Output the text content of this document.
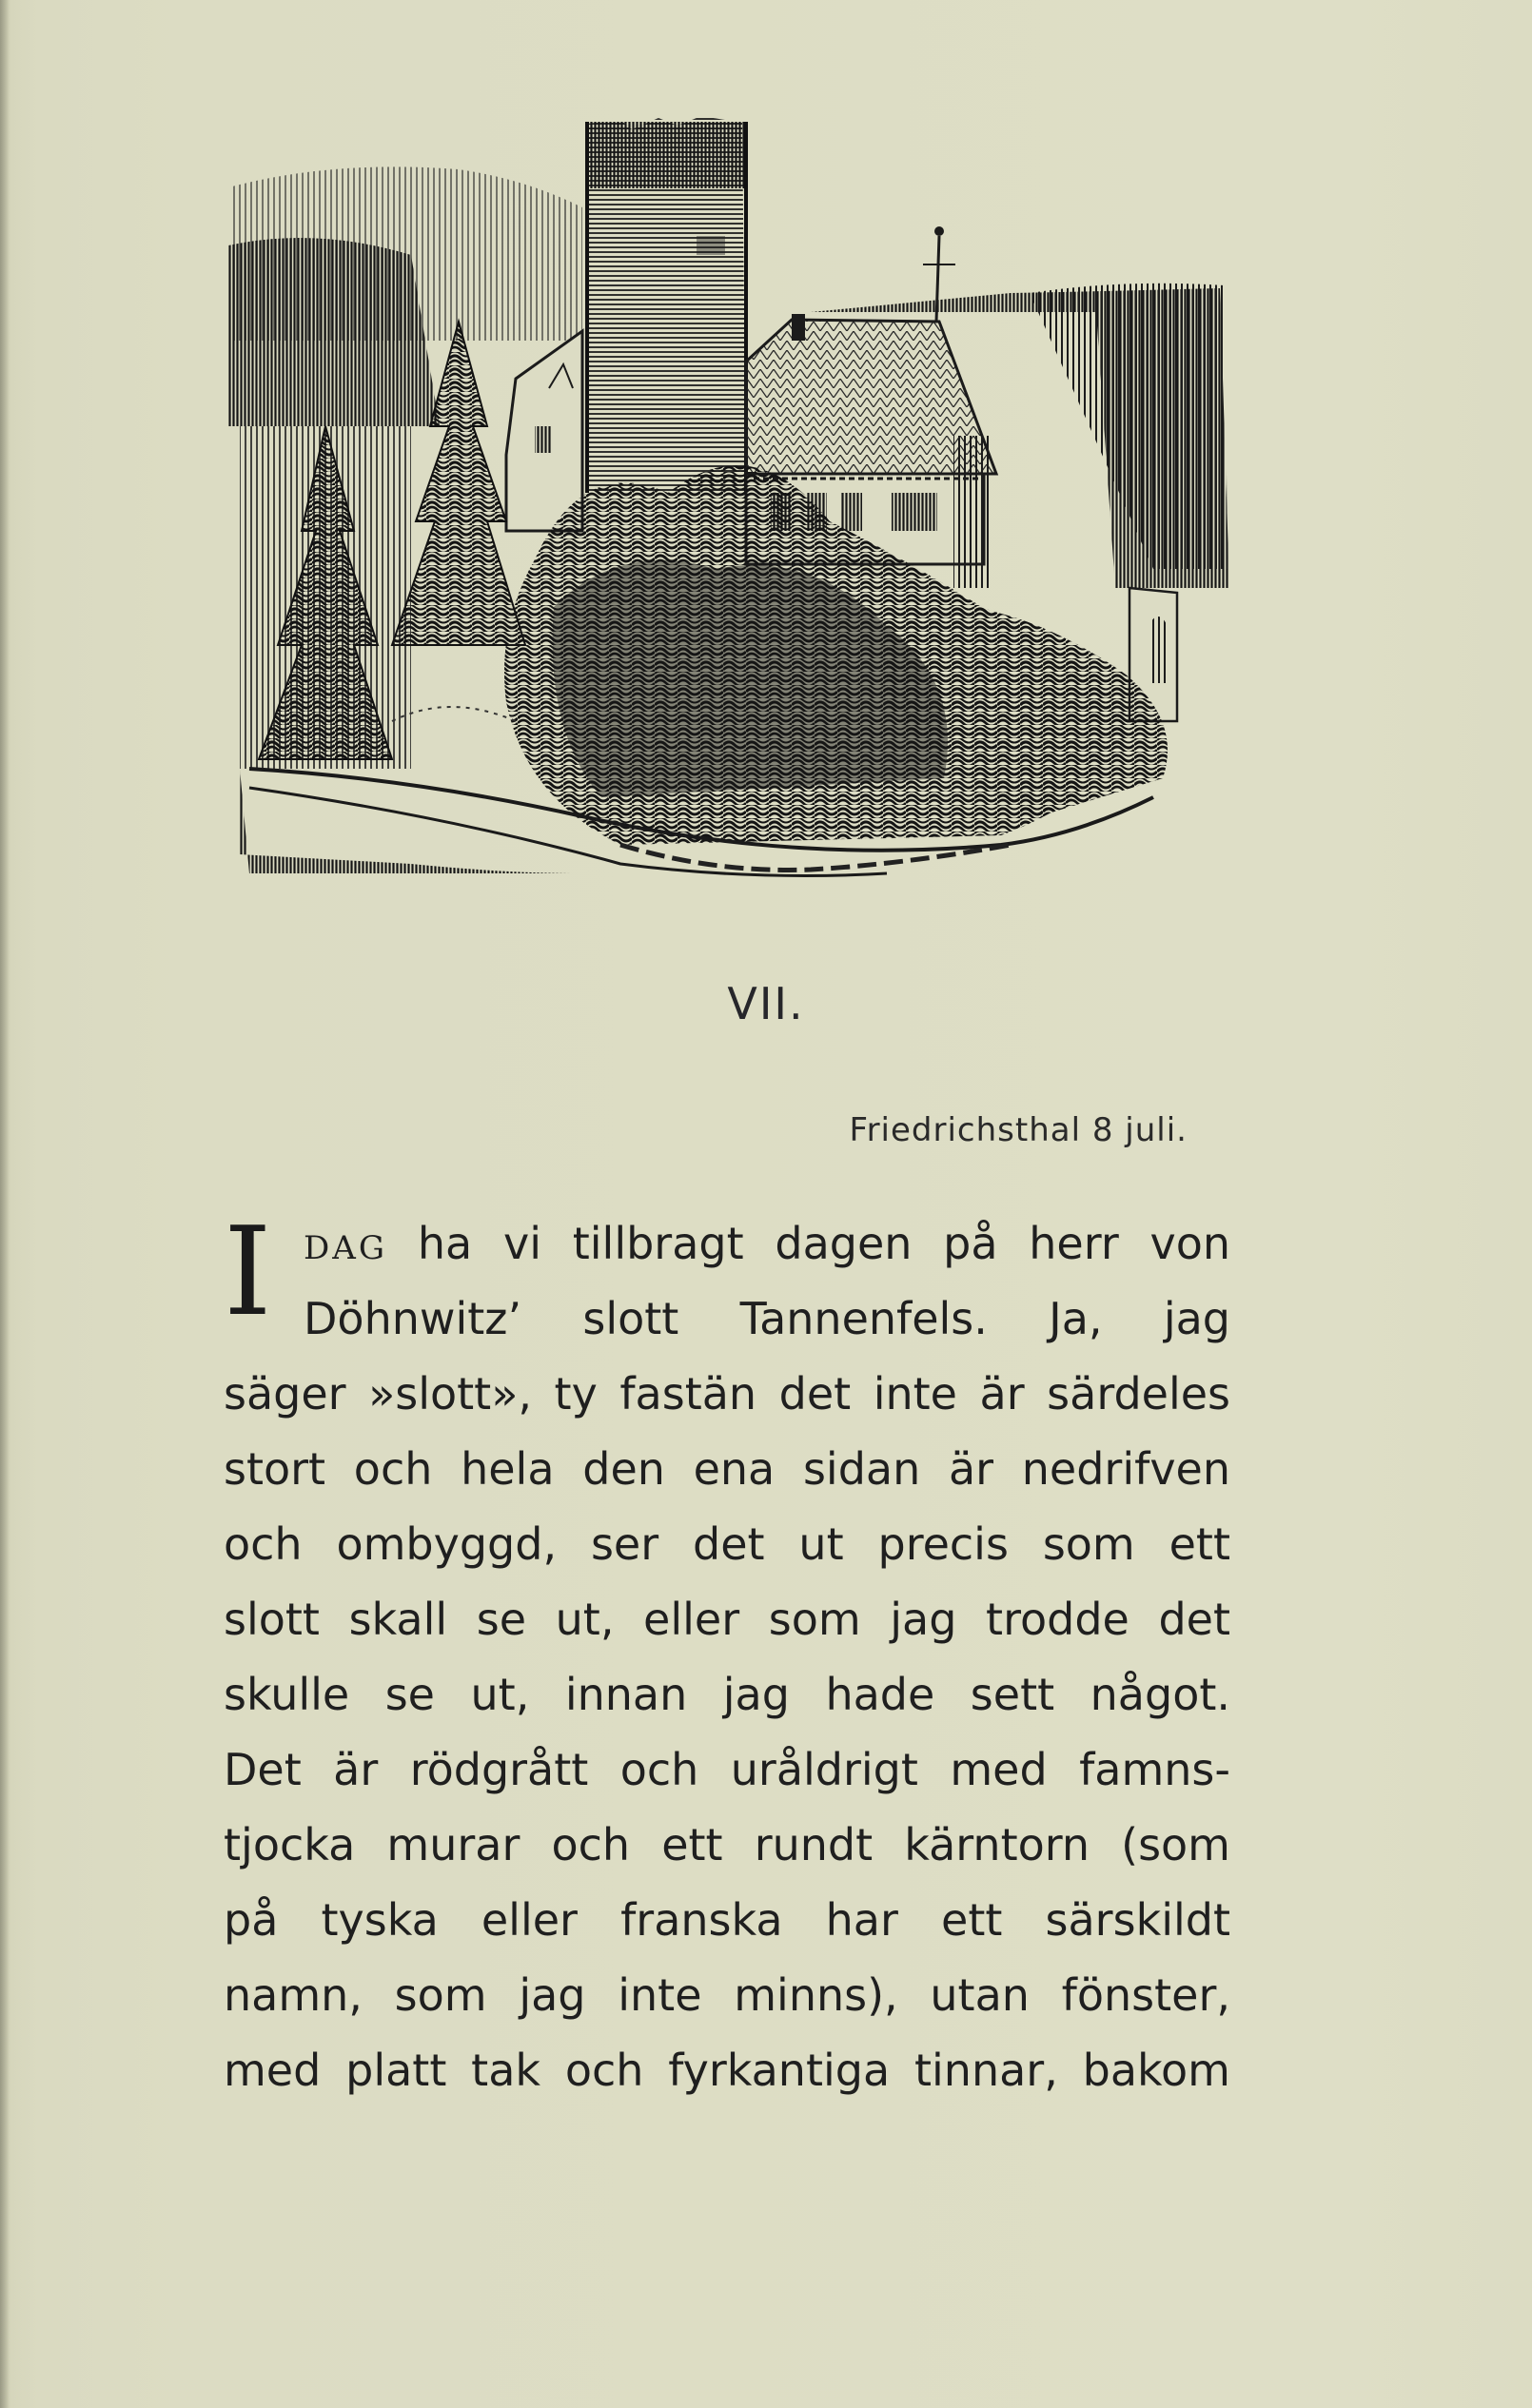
VII.
Friedrichsthal 8 juli.
I DAG ha vi tillbragt dagen på herr von
Döhnwitz’ slott Tannenfels. Ja, jag
säger »slott», ty fastän det inte är särdeles
stort och hela den ena sidan är nedrifven
och ombyggd, ser det ut precis som ett
slott skall se ut, eller som jag trodde det
skulle se ut, innan jag hade sett något.
Det är rödgrått och uråldrigt med famns-
tjocka murar och ett rundt kärntorn (som
på tyska eller franska har ett särskildt
namn, som jag inte minns), utan fönster,
med platt tak och fyrkantiga tinnar, bakom
